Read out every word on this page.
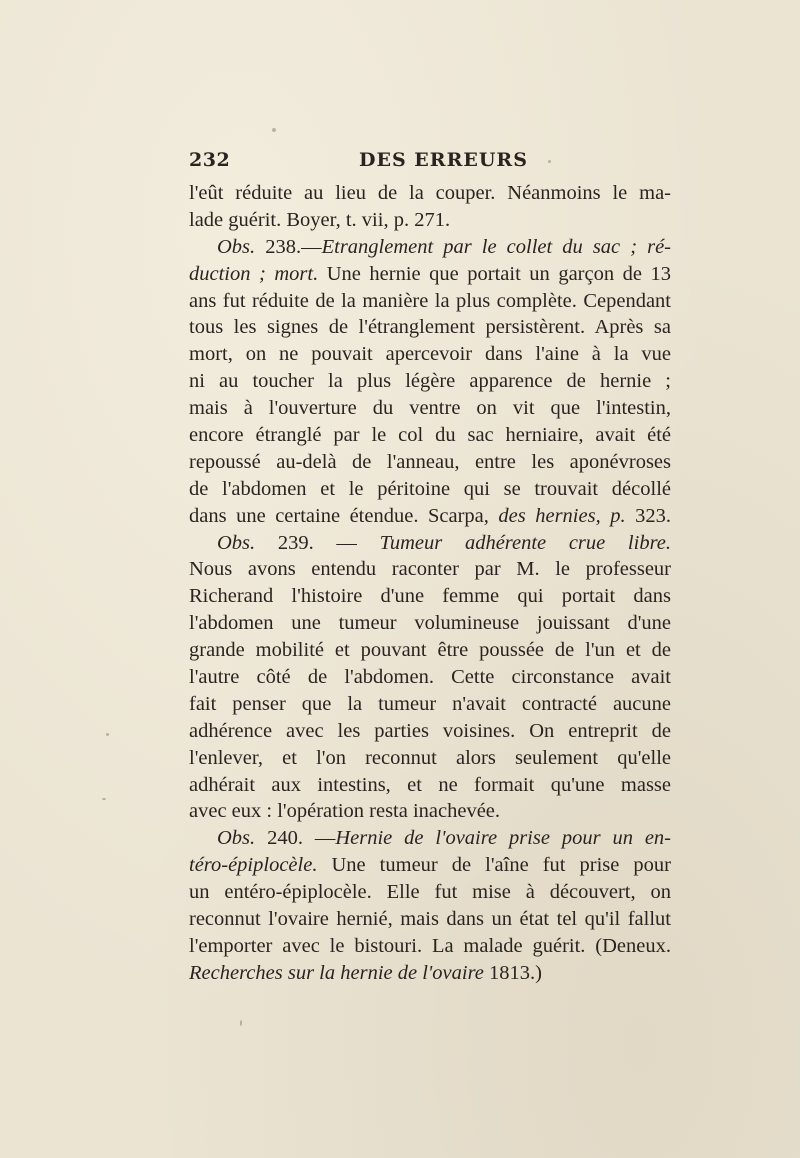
232	DES ERREURS
l'eût réduite au lieu de la couper. Néanmoins le ma-
lade guérit. Boyer, t. vii, p. 271.
Obs. 238.—Etranglement par le collet du sac ; ré-
duction ; mort. Une hernie que portait un garçon de 13
ans fut réduite de la manière la plus complète. Cependant
tous les signes de l'étranglement persistèrent. Après sa
mort, on ne pouvait apercevoir dans l'aine à la vue
ni au toucher la plus légère apparence de hernie ;
mais à l'ouverture du ventre on vit que l'intestin,
encore étranglé par le col du sac herniaire, avait été
repoussé au-delà de l'anneau, entre les aponévroses
de l'abdomen et le péritoine qui se trouvait décollé
dans une certaine étendue. Scarpa, des hernies, p. 323.
Obs. 239. — Tumeur adhérente crue libre.
Nous avons entendu raconter par M. le professeur
Richerand l'histoire d'une femme qui portait dans
l'abdomen une tumeur volumineuse jouissant d'une
grande mobilité et pouvant être poussée de l'un et de
l'autre côté de l'abdomen. Cette circonstance avait
fait penser que la tumeur n'avait contracté aucune
adhérence avec les parties voisines. On entreprit de
l'enlever, et l'on reconnut alors seulement qu'elle
adhérait aux intestins, et ne formait qu'une masse
avec eux : l'opération resta inachevée.
Obs. 240. —Hernie de l'ovaire prise pour un en-
téro-épiplocèle. Une tumeur de l'aîne fut prise pour
un entéro-épiplocèle. Elle fut mise à découvert, on
reconnut l'ovaire hernié, mais dans un état tel qu'il fallut
l'emporter avec le bistouri. La malade guérit. (Deneux.
Recherches sur la hernie de l'ovaire 1813.)
